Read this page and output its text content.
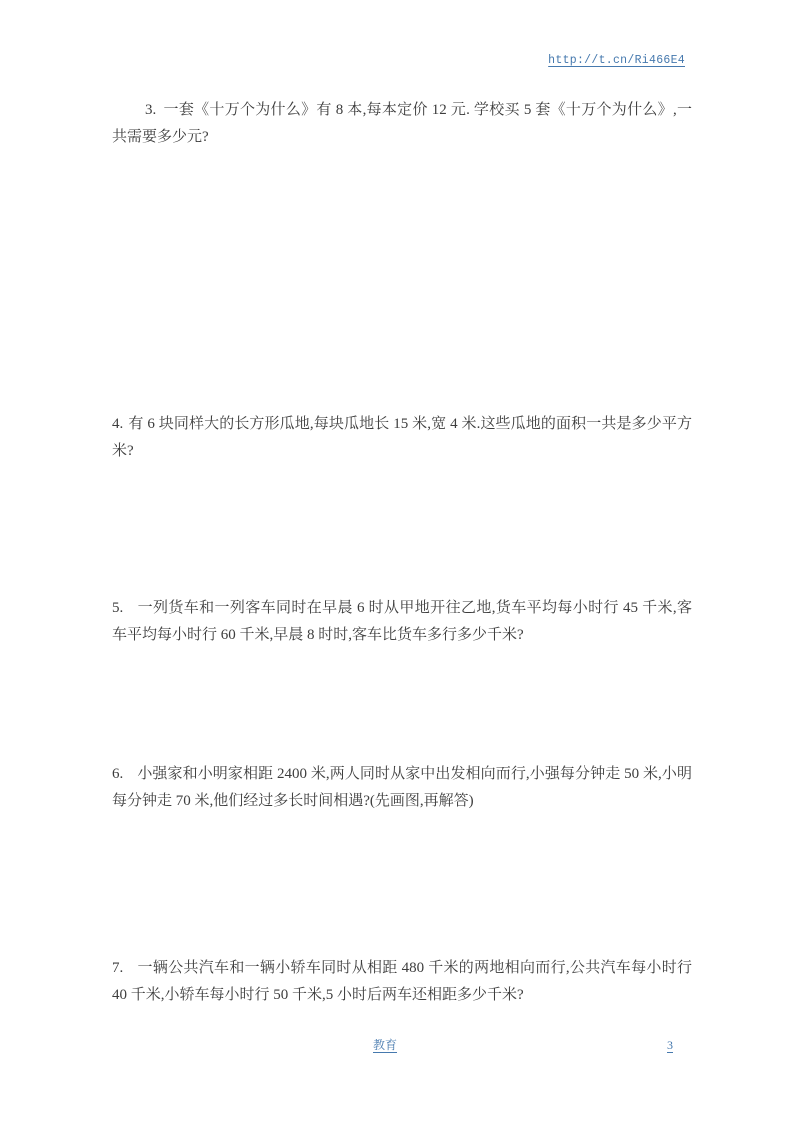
http://t.cn/Ri466E4

3. 一套《十万个为什么》有 8 本,每本定价 12 元. 学校买 5 套《十万个为什么》,一共需要多少元?

4. 有 6 块同样大的长方形瓜地,每块瓜地长 15 米,宽 4 米.这些瓜地的面积一共是多少平方米?

5. 一列货车和一列客车同时在早晨 6 时从甲地开往乙地,货车平均每小时行 45 千米,客车平均每小时行 60 千米,早晨 8 时时,客车比货车多行多少千米?

6. 小强家和小明家相距 2400 米,两人同时从家中出发相向而行,小强每分钟走 50 米,小明每分钟走 70 米,他们经过多长时间相遇?(先画图,再解答)

7. 一辆公共汽车和一辆小轿车同时从相距 480 千米的两地相向而行,公共汽车每小时行 40 千米,小轿车每小时行 50 千米,5 小时后两车还相距多少千米?

教育	3
